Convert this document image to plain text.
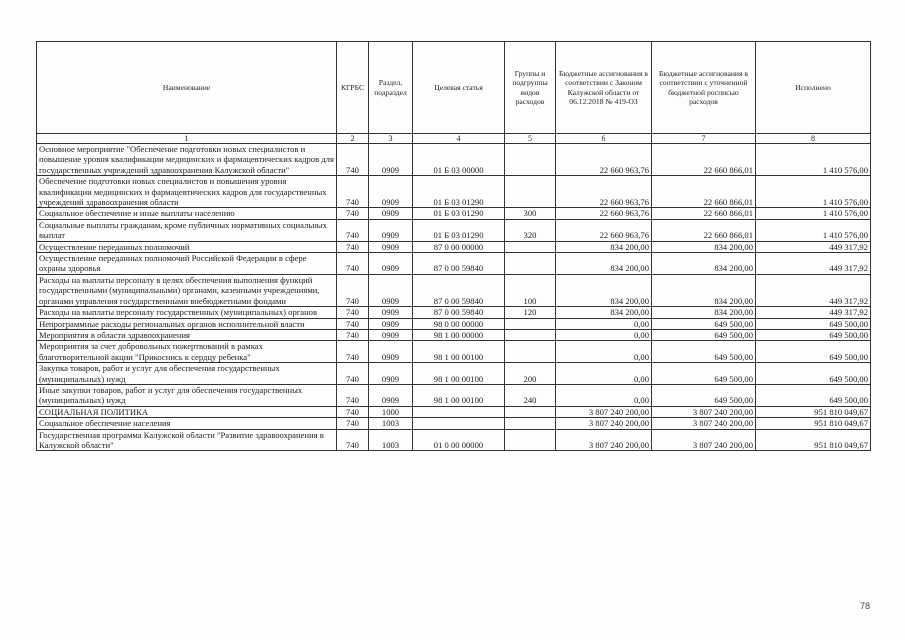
Наименование	КГРБС	Раздел, подраздел	Целевая статья	Группы и подгруппы видов расходов	Бюджетные ассигнования в соответствии с Законом Калужской области от 06.12.2018 № 419-ОЗ	Бюджетные ассигнования в соответствии с уточненной бюджетной росписью расходов	Исполнено
1	2	3	4	5	6	7	8
Основное мероприятие "Обеспечение подготовки новых специалистов и повышение уровня квалификации медицинских и фармацевтических кадров для государственных учреждений здравоохранения Калужской области"	740	0909	01 Б 03 00000		22 660 963,76	22 660 866,01	1 410 576,00
Обеспечение подготовки новых специалистов и повышения уровня квалификации медицинских и фармацевтических кадров для государственных учреждений здравоохранения области	740	0909	01 Б 03 01290		22 660 963,76	22 660 866,01	1 410 576,00
Социальное обеспечение и иные выплаты населению	740	0909	01 Б 03 01290	300	22 660 963,76	22 660 866,01	1 410 576,00
Социальные выплаты гражданам, кроме публичных нормативных социальных выплат	740	0909	01 Б 03 01290	320	22 660 963,76	22 660 866,01	1 410 576,00
Осуществление переданных полномочий	740	0909	87 0 00 00000		834 200,00	834 200,00	449 317,92
Осуществление переданных полномочий Российской Федерации в сфере охраны здоровья	740	0909	87 0 00 59840		834 200,00	834 200,00	449 317,92
Расходы на выплаты персоналу в целях обеспечения выполнения функций государственными (муниципальными) органами, казенными учреждениями, органами управления государственными внебюджетными фондами	740	0909	87 0 00 59840	100	834 200,00	834 200,00	449 317,92
Расходы на выплаты персоналу государственных (муниципальных) органов	740	0909	87 0 00 59840	120	834 200,00	834 200,00	449 317,92
Непрограммные расходы региональных органов исполнительной власти	740	0909	98 0 00 00000		0,00	649 500,00	649 500,00
Мероприятия в области здравоохранения	740	0909	98 1 00 00000		0,00	649 500,00	649 500,00
Мероприятия за счет добровольных пожертвований в рамках благотворительной акции "Прикоснись к сердцу ребенка"	740	0909	98 1 00 00100		0,00	649 500,00	649 500,00
Закупка товаров, работ и услуг для обеспечения государственных (муниципальных) нужд	740	0909	98 1 00 00100	200	0,00	649 500,00	649 500,00
Иные закупки товаров, работ и услуг для обеспечения государственных (муниципальных) нужд	740	0909	98 1 00 00100	240	0,00	649 500,00	649 500,00
СОЦИАЛЬНАЯ ПОЛИТИКА	740	1000			3 807 240 200,00	3 807 240 200,00	951 810 049,67
Социальное обеспечение населения	740	1003			3 807 240 200,00	3 807 240 200,00	951 810 049,67
Государственная программа Калужской области "Развитие здравоохранения в Калужской области"	740	1003	01 0 00 00000		3 807 240 200,00	3 807 240 200,00	951 810 049,67
78
